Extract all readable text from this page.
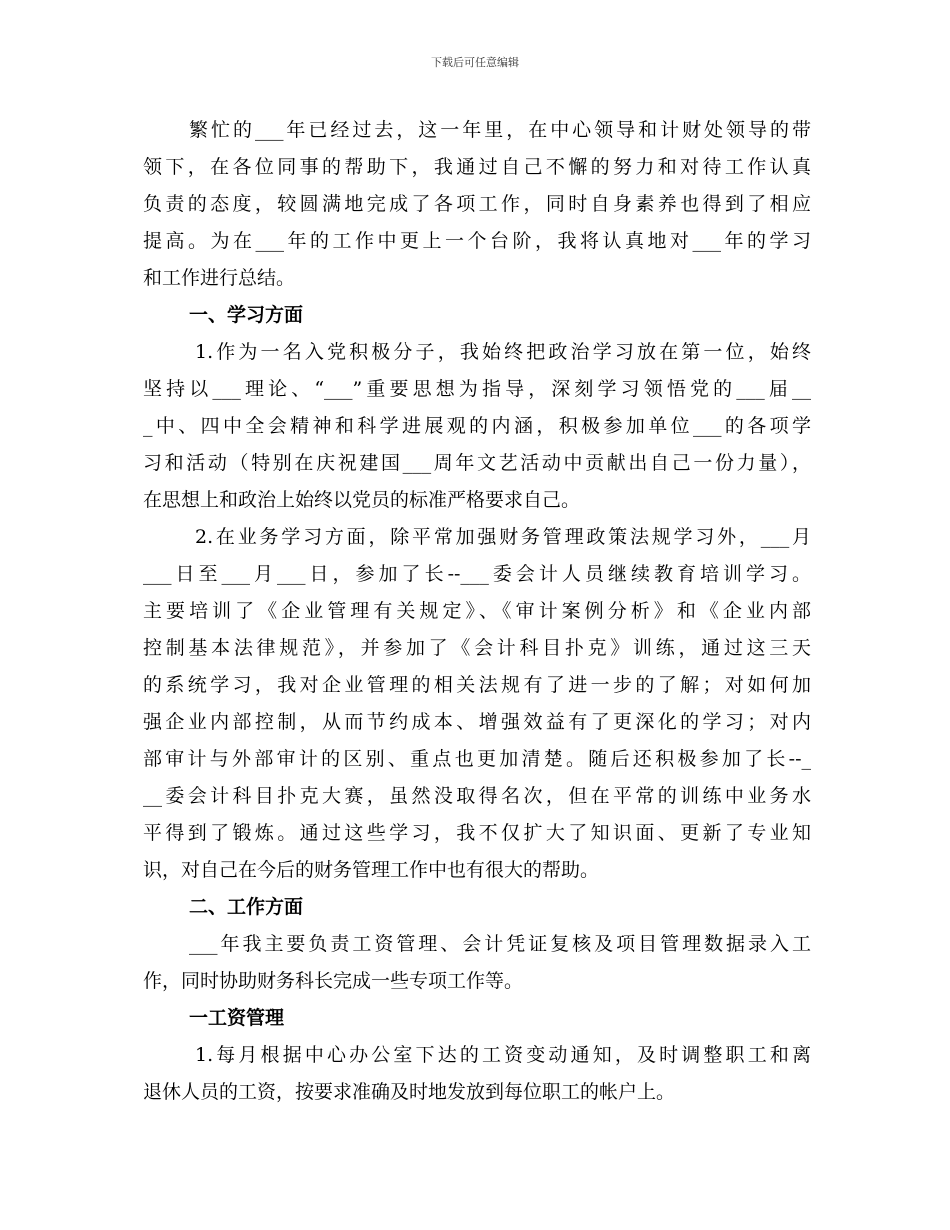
下载后可任意编辑
繁忙的___年已经过去，这一年里，在中心领导和计财处领导的带
领下，在各位同事的帮助下，我通过自己不懈的努力和对待工作认真
负责的态度，较圆满地完成了各项工作，同时自身素养也得到了相应
提高。为在___年的工作中更上一个台阶，我将认真地对___年的学习
和工作进行总结。
一、学习方面
1.作为一名入党积极分子，我始终把政治学习放在第一位，始终
坚持以___理论、“___”重要思想为指导，深刻学习领悟党的___届__
_中、四中全会精神和科学进展观的内涵，积极参加单位___的各项学
习和活动（特别在庆祝建国___周年文艺活动中贡献出自己一份力量），
在思想上和政治上始终以党员的标准严格要求自己。
2.在业务学习方面，除平常加强财务管理政策法规学习外，___月
___日至___月___日，参加了长--___委会计人员继续教育培训学习。
主要培训了《企业管理有关规定》、《审计案例分析》和《企业内部
控制基本法律规范》，并参加了《会计科目扑克》训练，通过这三天
的系统学习，我对企业管理的相关法规有了进一步的了解；对如何加
强企业内部控制，从而节约成本、增强效益有了更深化的学习；对内
部审计与外部审计的区别、重点也更加清楚。随后还积极参加了长--_
__委会计科目扑克大赛，虽然没取得名次，但在平常的训练中业务水
平得到了锻炼。通过这些学习，我不仅扩大了知识面、更新了专业知
识，对自己在今后的财务管理工作中也有很大的帮助。
二、工作方面
___年我主要负责工资管理、会计凭证复核及项目管理数据录入工
作，同时协助财务科长完成一些专项工作等。
一工资管理
1.每月根据中心办公室下达的工资变动通知，及时调整职工和离
退休人员的工资，按要求准确及时地发放到每位职工的帐户上。
